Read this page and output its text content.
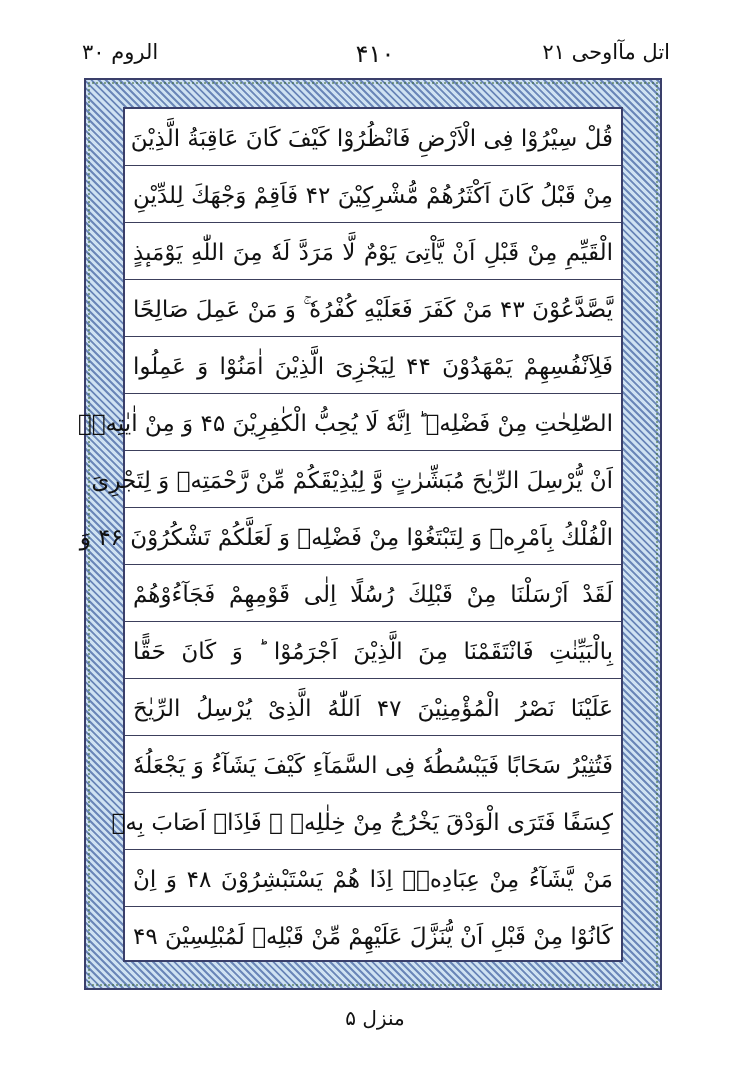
اتل مآاوحی ۲۱
۴۱۰
الروم ۳۰
قُلْ سِیْرُوْا فِی الْاَرْضِ فَانْظُرُوْا كَیْفَ كَانَ عَاقِبَةُ الَّذِیْنَ
مِنْ قَبْلُ كَانَ اَكْثَرُهُمْ مُّشْرِكِیْنَ ۴۲ فَاَقِمْ وَجْهَكَ لِلدِّیْنِ
الْقَیِّمِ مِنْ قَبْلِ اَنْ یَّاْتِیَ یَوْمٌ لَّا مَرَدَّ لَهٗ مِنَ اللّٰهِ یَوْمَىٕذٍ
یَّصَّدَّعُوْنَ ۴۳ مَنْ كَفَرَ فَعَلَیْهِ كُفْرُهٗ ۚ وَ مَنْ عَمِلَ صَالِحًا
فَلِاَنْفُسِهِمْ یَمْهَدُوْنَ ۴۴ لِیَجْزِیَ الَّذِیْنَ اٰمَنُوْا وَ عَمِلُوا
الصّٰلِحٰتِ مِنْ فَضْلِهٖ ؕ اِنَّهٗ لَا یُحِبُّ الْكٰفِرِیْنَ ۴۵ وَ مِنْ اٰیٰتِهٖۤ
اَنْ یُّرْسِلَ الرِّیٰحَ مُبَشِّرٰتٍ وَّ لِیُذِیْقَكُمْ مِّنْ رَّحْمَتِهٖ وَ لِتَجْرِیَ
الْفُلْكُ بِاَمْرِهٖ وَ لِتَبْتَغُوْا مِنْ فَضْلِهٖ وَ لَعَلَّكُمْ تَشْكُرُوْنَ ۴۶ وَ
لَقَدْ اَرْسَلْنَا مِنْ قَبْلِكَ رُسُلًا اِلٰى قَوْمِهِمْ فَجَآءُوْهُمْ
بِالْبَیِّنٰتِ فَانْتَقَمْنَا مِنَ الَّذِیْنَ اَجْرَمُوْا ؕ وَ كَانَ حَقًّا
عَلَیْنَا نَصْرُ الْمُؤْمِنِیْنَ ۴۷ اَللّٰهُ الَّذِیْ یُرْسِلُ الرِّیٰحَ
فَتُثِیْرُ سَحَابًا فَیَبْسُطُهٗ فِی السَّمَآءِ كَیْفَ یَشَآءُ وَ یَجْعَلُهٗ
كِسَفًا فَتَرَى الْوَدْقَ یَخْرُجُ مِنْ خِلٰلِهٖ ۚ فَاِذَاۤ اَصَابَ بِهٖ
مَنْ یَّشَآءُ مِنْ عِبَادِهٖۤ اِذَا هُمْ یَسْتَبْشِرُوْنَ ۴۸ وَ اِنْ
كَانُوْا مِنْ قَبْلِ اَنْ یُّنَزَّلَ عَلَیْهِمْ مِّنْ قَبْلِهٖ لَمُبْلِسِیْنَ ۴۹
منزل ۵
